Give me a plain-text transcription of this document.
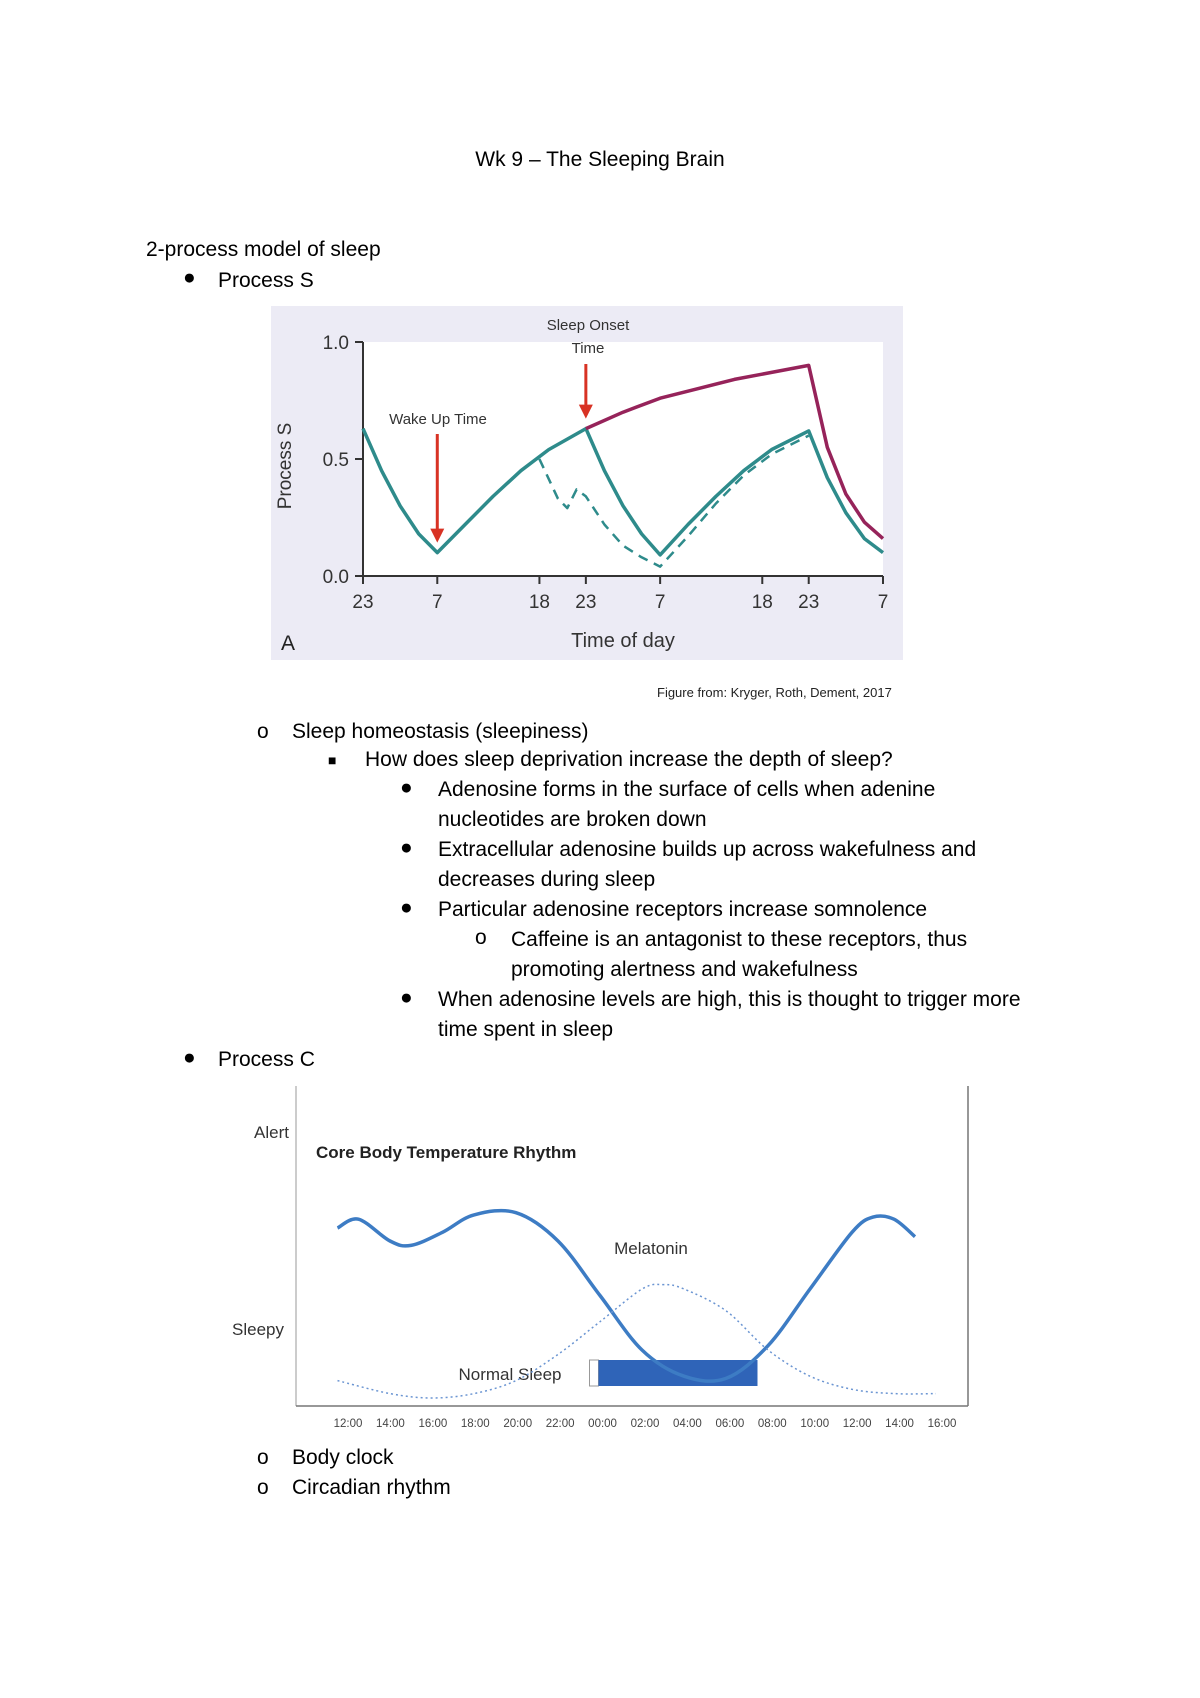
Wk 9 – The Sleeping Brain
2-process model of sleep
● Process S
0.0
0.5
1.0
23	7	18 23	7	18 23	7
Process S
Time of day
A
Wake Up Time
Sleep Onset
Time
Figure from: Kryger, Roth, Dement, 2017
o Sleep homeostasis (sleepiness)
■ How does sleep deprivation increase the depth of sleep?
● Adenosine forms in the surface of cells when adenine
nucleotides are broken down
● Extracellular adenosine builds up across wakefulness and
decreases during sleep
● Particular adenosine receptors increase somnolence
o Caffeine is an antagonist to these receptors, thus
promoting alertness and wakefulness
● When adenosine levels are high, this is thought to trigger more
time spent in sleep
● Process C
Alert
Sleepy
Core Body Temperature Rhythm
Melatonin
Normal Sleep
12:00 14:00 16:00 18:00 20:00 22:00 00:00 02:00 04:00 06:00 08:00 10:00 12:00 14:00 16:00
o Body clock
o Circadian rhythm
